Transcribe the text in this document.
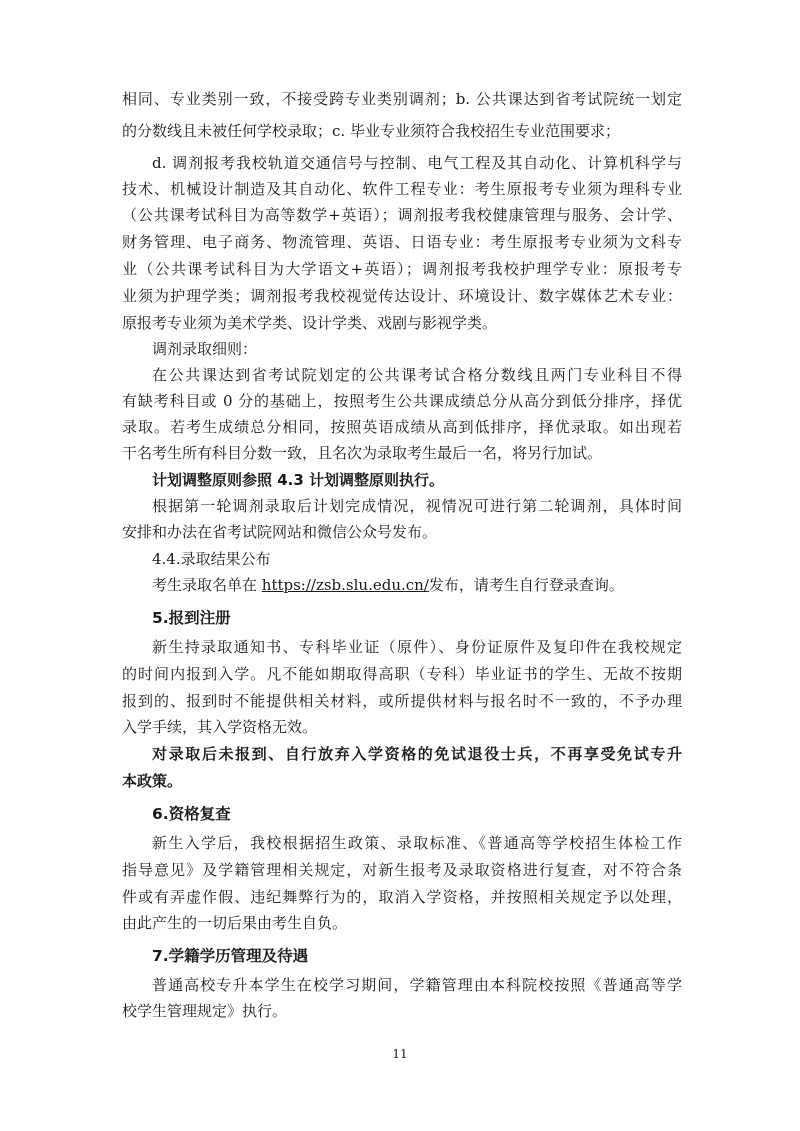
相同、专业类别一致，不接受跨专业类别调剂；b. 公共课达到省考试院统一划定
的分数线且未被任何学校录取；c. 毕业专业须符合我校招生专业范围要求；
d. 调剂报考我校轨道交通信号与控制、电气工程及其自动化、计算机科学与
技术、机械设计制造及其自动化、软件工程专业：考生原报考专业须为理科专业
（公共课考试科目为高等数学+英语）；调剂报考我校健康管理与服务、会计学、
财务管理、电子商务、物流管理、英语、日语专业：考生原报考专业须为文科专
业（公共课考试科目为大学语文+英语）；调剂报考我校护理学专业：原报考专
业须为护理学类；调剂报考我校视觉传达设计、环境设计、数字媒体艺术专业：
原报考专业须为美术学类、设计学类、戏剧与影视学类。
调剂录取细则：
在公共课达到省考试院划定的公共课考试合格分数线且两门专业科目不得
有缺考科目或 0 分的基础上，按照考生公共课成绩总分从高分到低分排序，择优
录取。若考生成绩总分相同，按照英语成绩从高到低排序，择优录取。如出现若
干名考生所有科目分数一致，且名次为录取考生最后一名，将另行加试。
计划调整原则参照 4.3 计划调整原则执行。
根据第一轮调剂录取后计划完成情况，视情况可进行第二轮调剂，具体时间
安排和办法在省考试院网站和微信公众号发布。
4.4.录取结果公布
考生录取名单在 https://zsb.slu.edu.cn/发布，请考生自行登录查询。
5.报到注册
新生持录取通知书、专科毕业证（原件）、身份证原件及复印件在我校规定
的时间内报到入学。凡不能如期取得高职（专科）毕业证书的学生、无故不按期
报到的、报到时不能提供相关材料，或所提供材料与报名时不一致的，不予办理
入学手续，其入学资格无效。
对录取后未报到、自行放弃入学资格的免试退役士兵，不再享受免试专升
本政策。
6.资格复查
新生入学后，我校根据招生政策、录取标准、《普通高等学校招生体检工作
指导意见》及学籍管理相关规定，对新生报考及录取资格进行复查，对不符合条
件或有弄虚作假、违纪舞弊行为的，取消入学资格，并按照相关规定予以处理，
由此产生的一切后果由考生自负。
7.学籍学历管理及待遇
普通高校专升本学生在校学习期间，学籍管理由本科院校按照《普通高等学
校学生管理规定》执行。
11
